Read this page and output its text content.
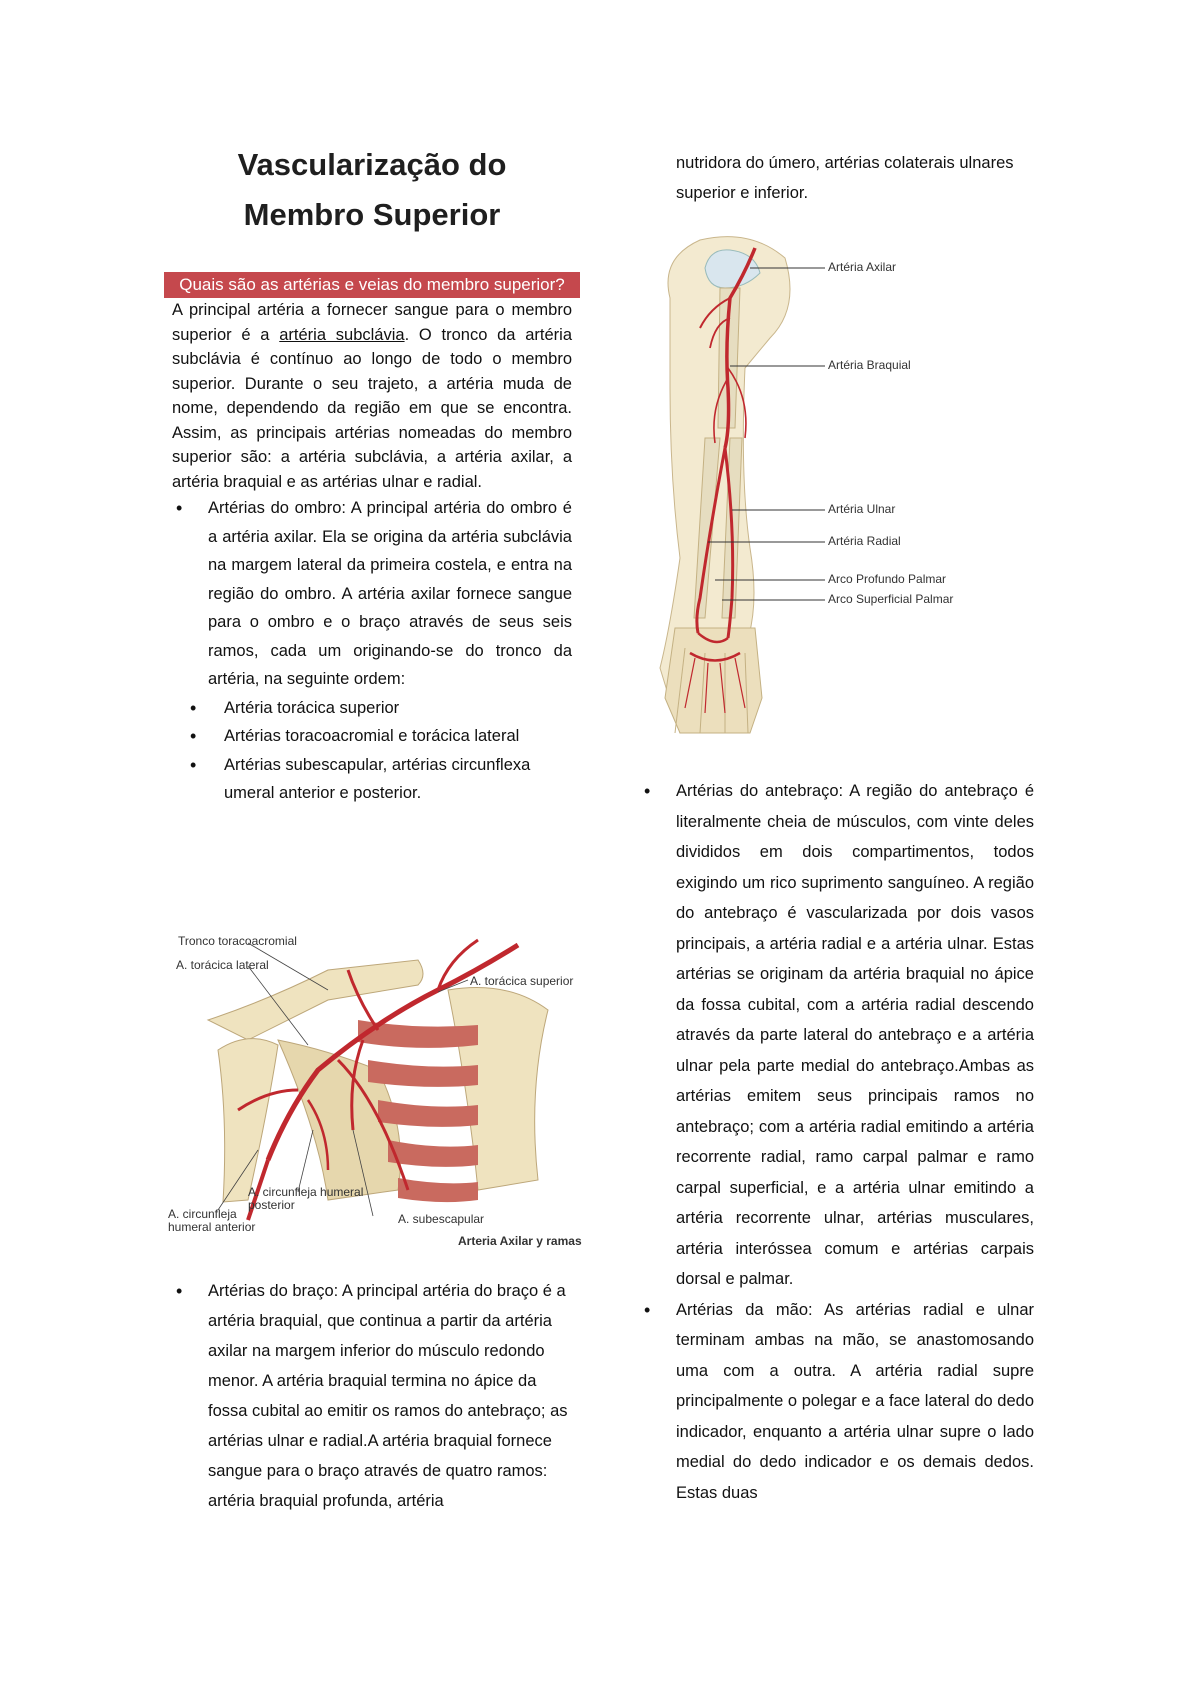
Vascularização do
Membro Superior
Quais são as artérias e veias do membro superior?

A principal artéria a fornecer sangue para o membro superior é a artéria subclávia. O tronco da artéria subclávia é contínuo ao longo de todo o membro superior. Durante o seu trajeto, a artéria muda de nome, dependendo da região em que se encontra. Assim, as principais artérias nomeadas do membro superior são: a artéria subclávia, a artéria axilar, a artéria braquial e as artérias ulnar e radial.

• Artérias do ombro: A principal artéria do ombro é a artéria axilar. Ela se origina da artéria subclávia na margem lateral da primeira costela, e entra na região do ombro. A artéria axilar fornece sangue para o ombro e o braço através de seus seis ramos, cada um originando-se do tronco da artéria, na seguinte ordem:
• Artéria torácica superior
• Artérias toracoacromial e torácica lateral
• Artérias subescapular, artérias circunflexa umeral anterior e posterior.
Tronco toracoacromial
A. torácica lateral
A. torácica superior
A. circunfleja humeral posterior
A. circunfleja humeral anterior
A. subescapular
Arteria Axilar y ramas
• Artérias do braço: A principal artéria do braço é a artéria braquial, que continua a partir da artéria axilar na margem inferior do músculo redondo menor. A artéria braquial termina no ápice da fossa cubital ao emitir os ramos do antebraço; as artérias ulnar e radial.A artéria braquial fornece sangue para o braço através de quatro ramos: artéria braquial profunda, artéria

nutridora do úmero, artérias colaterais ulnares superior e inferior.

Artéria Axilar
Artéria Braquial
Artéria Ulnar
Artéria Radial
Arco Profundo Palmar
Arco Superficial Palmar
• Artérias do antebraço: A região do antebraço é literalmente cheia de músculos, com vinte deles divididos em dois compartimentos, todos exigindo um rico suprimento sanguíneo. A região do antebraço é vascularizada por dois vasos principais, a artéria radial e a artéria ulnar. Estas artérias se originam da artéria braquial no ápice da fossa cubital, com a artéria radial descendo através da parte lateral do antebraço e a artéria ulnar pela parte medial do antebraço.Ambas as artérias emitem seus principais ramos no antebraço; com a artéria radial emitindo a artéria recorrente radial, ramo carpal palmar e ramo carpal superficial, e a artéria ulnar emitindo a artéria recorrente ulnar, artérias musculares, artéria interóssea comum e artérias carpais dorsal e palmar.
• Artérias da mão: As artérias radial e ulnar terminam ambas na mão, se anastomosando uma com a outra. A artéria radial supre principalmente o polegar e a face lateral do dedo indicador, enquanto a artéria ulnar supre o lado medial do dedo indicador e os demais dedos. Estas duas
